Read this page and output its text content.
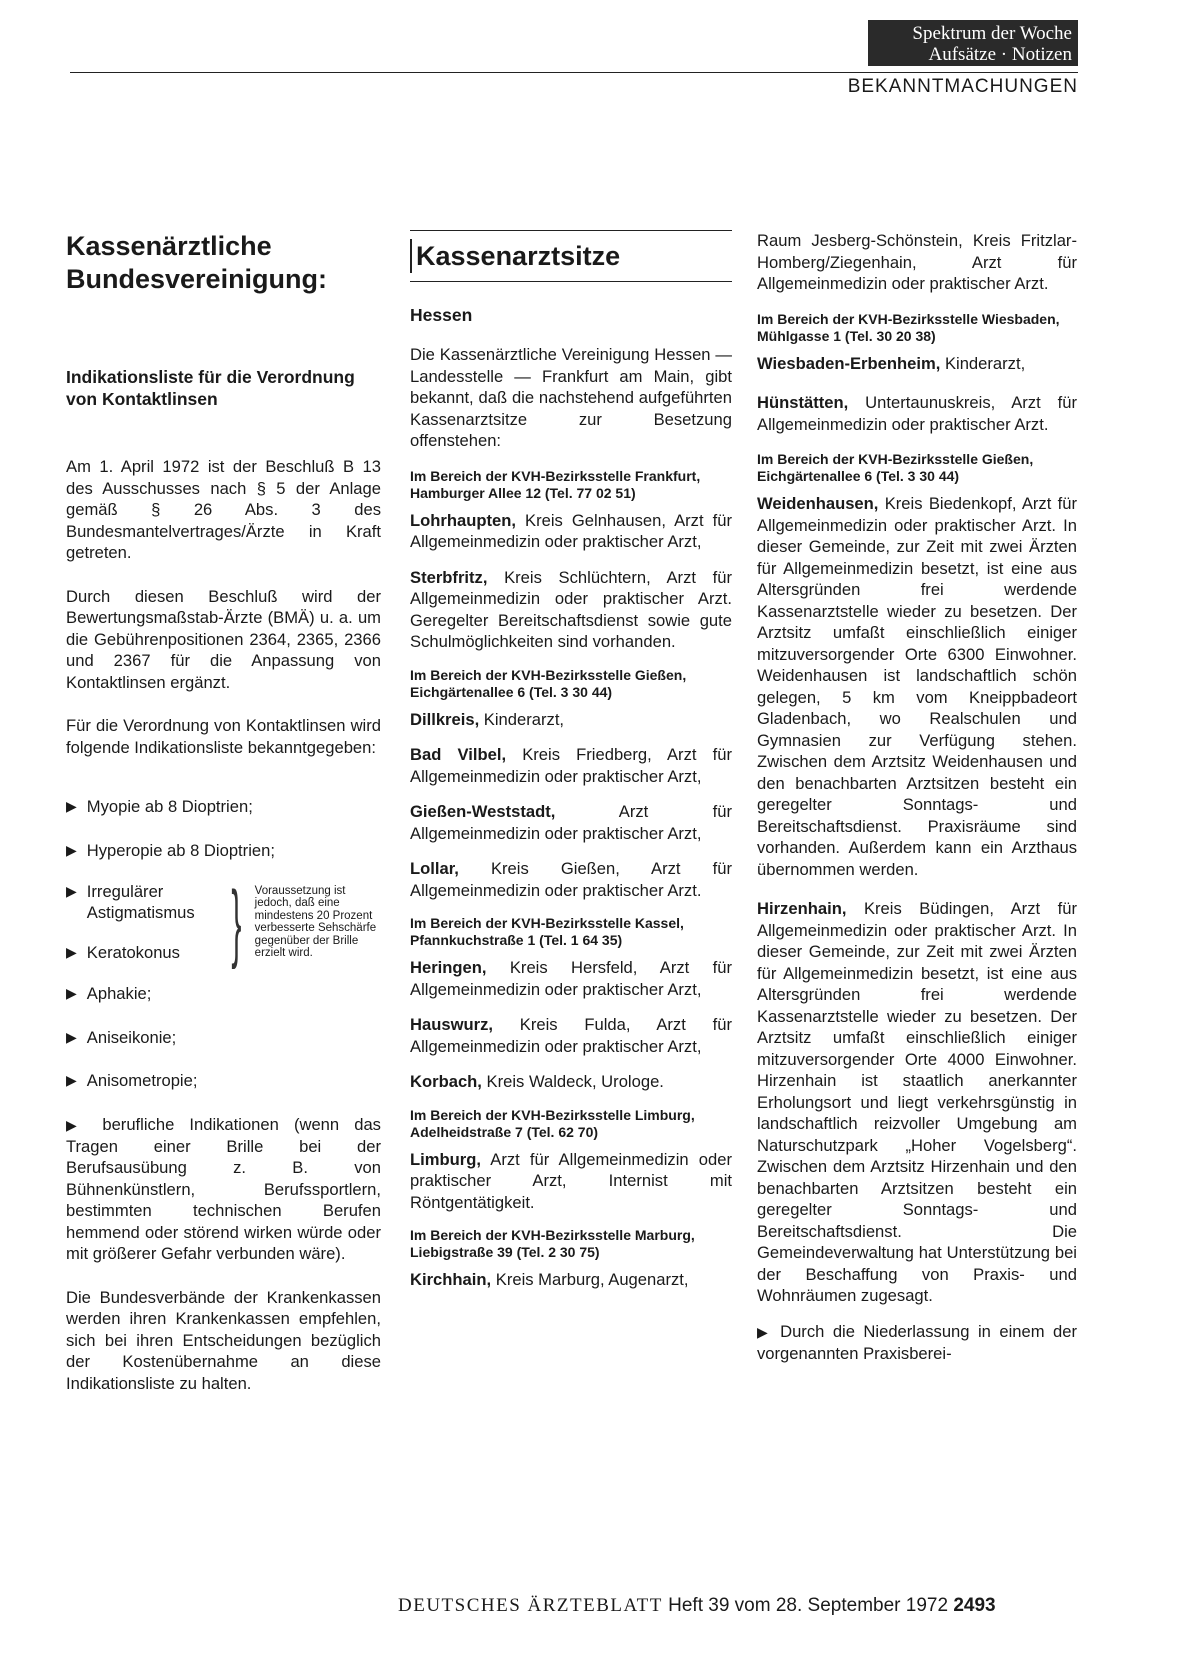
Spektrum der Woche
Aufsätze · Notizen
BEKANNTMACHUNGEN
Kassenärztliche
Bundesvereinigung:
Indikationsliste für die Verordnung von Kontaktlinsen

Am 1. April 1972 ist der Beschluß B 13 des Ausschusses nach § 5 der Anlage gemäß § 26 Abs. 3 des Bundesmantelvertrages/Ärzte in Kraft getreten.

Durch diesen Beschluß wird der Bewertungsmaßstab-Ärzte (BMÄ) u. a. um die Gebührenpositionen 2364, 2365, 2366 und 2367 für die Anpassung von Kontaktlinsen ergänzt.

Für die Verordnung von Kontaktlinsen wird folgende Indikationsliste bekanntgegeben:

▶ Myopie ab 8 Dioptrien;
▶ Hyperopie ab 8 Dioptrien;
▶ Irregulärer Astigmatismus
▶ Keratokonus } Voraussetzung ist jedoch, daß eine mindestens 20 Prozent verbesserte Sehschärfe gegenüber der Brille erzielt wird.
▶ Aphakie;
▶ Aniseikonie;
▶ Anisometropie;

▶ berufliche Indikationen (wenn das Tragen einer Brille bei der Berufsausübung z. B. von Bühnenkünstlern, Berufssportlern, bestimmten technischen Berufen hemmend oder störend wirken würde oder mit größerer Gefahr verbunden wäre).

Die Bundesverbände der Krankenkassen werden ihren Krankenkassen empfehlen, sich bei ihren Entscheidungen bezüglich der Kostenübernahme an diese Indikationsliste zu halten.

Kassenarztsitze
Hessen

Die Kassenärztliche Vereinigung Hessen — Landesstelle — Frankfurt am Main, gibt bekannt, daß die nachstehend aufgeführten Kassenarztsitze zur Besetzung offenstehen:

Im Bereich der KVH-Bezirksstelle Frankfurt, Hamburger Allee 12 (Tel. 77 02 51)

Lohrhaupten, Kreis Gelnhausen, Arzt für Allgemeinmedizin oder praktischer Arzt,

Sterbfritz, Kreis Schlüchtern, Arzt für Allgemeinmedizin oder praktischer Arzt. Geregelter Bereitschaftsdienst sowie gute Schulmöglichkeiten sind vorhanden.

Im Bereich der KVH-Bezirksstelle Gießen, Eichgärtenallee 6 (Tel. 3 30 44)

Dillkreis, Kinderarzt,

Bad Vilbel, Kreis Friedberg, Arzt für Allgemeinmedizin oder praktischer Arzt,

Gießen-Weststadt, Arzt für Allgemeinmedizin oder praktischer Arzt,

Lollar, Kreis Gießen, Arzt für Allgemeinmedizin oder praktischer Arzt.

Im Bereich der KVH-Bezirksstelle Kassel, Pfannkuchstraße 1 (Tel. 1 64 35)

Heringen, Kreis Hersfeld, Arzt für Allgemeinmedizin oder praktischer Arzt,

Hauswurz, Kreis Fulda, Arzt für Allgemeinmedizin oder praktischer Arzt,

Korbach, Kreis Waldeck, Urologe.

Im Bereich der KVH-Bezirksstelle Limburg, Adelheidstraße 7 (Tel. 62 70)

Limburg, Arzt für Allgemeinmedizin oder praktischer Arzt, Internist mit Röntgentätigkeit.

Im Bereich der KVH-Bezirksstelle Marburg, Liebigstraße 39 (Tel. 2 30 75)

Kirchhain, Kreis Marburg, Augenarzt,

Raum Jesberg-Schönstein, Kreis Fritzlar-Homberg/Ziegenhain, Arzt für Allgemeinmedizin oder praktischer Arzt.

Im Bereich der KVH-Bezirksstelle Wiesbaden, Mühlgasse 1 (Tel. 30 20 38)

Wiesbaden-Erbenheim, Kinderarzt,

Hünstätten, Untertaunuskreis, Arzt für Allgemeinmedizin oder praktischer Arzt.

Im Bereich der KVH-Bezirksstelle Gießen, Eichgärtenallee 6 (Tel. 3 30 44)

Weidenhausen, Kreis Biedenkopf, Arzt für Allgemeinmedizin oder praktischer Arzt. In dieser Gemeinde, zur Zeit mit zwei Ärzten für Allgemeinmedizin besetzt, ist eine aus Altersgründen frei werdende Kassenarztstelle wieder zu besetzen. Der Arztsitz umfaßt einschließlich einiger mitzuversorgender Orte 6300 Einwohner. Weidenhausen ist landschaftlich schön gelegen, 5 km vom Kneippbadeort Gladenbach, wo Realschulen und Gymnasien zur Verfügung stehen. Zwischen dem Arztsitz Weidenhausen und den benachbarten Arztsitzen besteht ein geregelter Sonntags- und Bereitschaftsdienst. Praxisräume sind vorhanden. Außerdem kann ein Arzthaus übernommen werden.

Hirzenhain, Kreis Büdingen, Arzt für Allgemeinmedizin oder praktischer Arzt. In dieser Gemeinde, zur Zeit mit zwei Ärzten für Allgemeinmedizin besetzt, ist eine aus Altersgründen frei werdende Kassenarztstelle wieder zu besetzen. Der Arztsitz umfaßt einschließlich einiger mitzuversorgender Orte 4000 Einwohner. Hirzenhain ist staatlich anerkannter Erholungsort und liegt verkehrsgünstig in landschaftlich reizvoller Umgebung am Naturschutzpark „Hoher Vogelsberg“. Zwischen dem Arztsitz Hirzenhain und den benachbarten Arztsitzen besteht ein geregelter Sonntags- und Bereitschaftsdienst. Die Gemeindeverwaltung hat Unterstützung bei der Beschaffung von Praxis- und Wohnräumen zugesagt.

▶ Durch die Niederlassung in einem der vorgenannten Praxisberei-

DEUTSCHES ÄRZTEBLATT Heft 39 vom 28. September 1972 2493
